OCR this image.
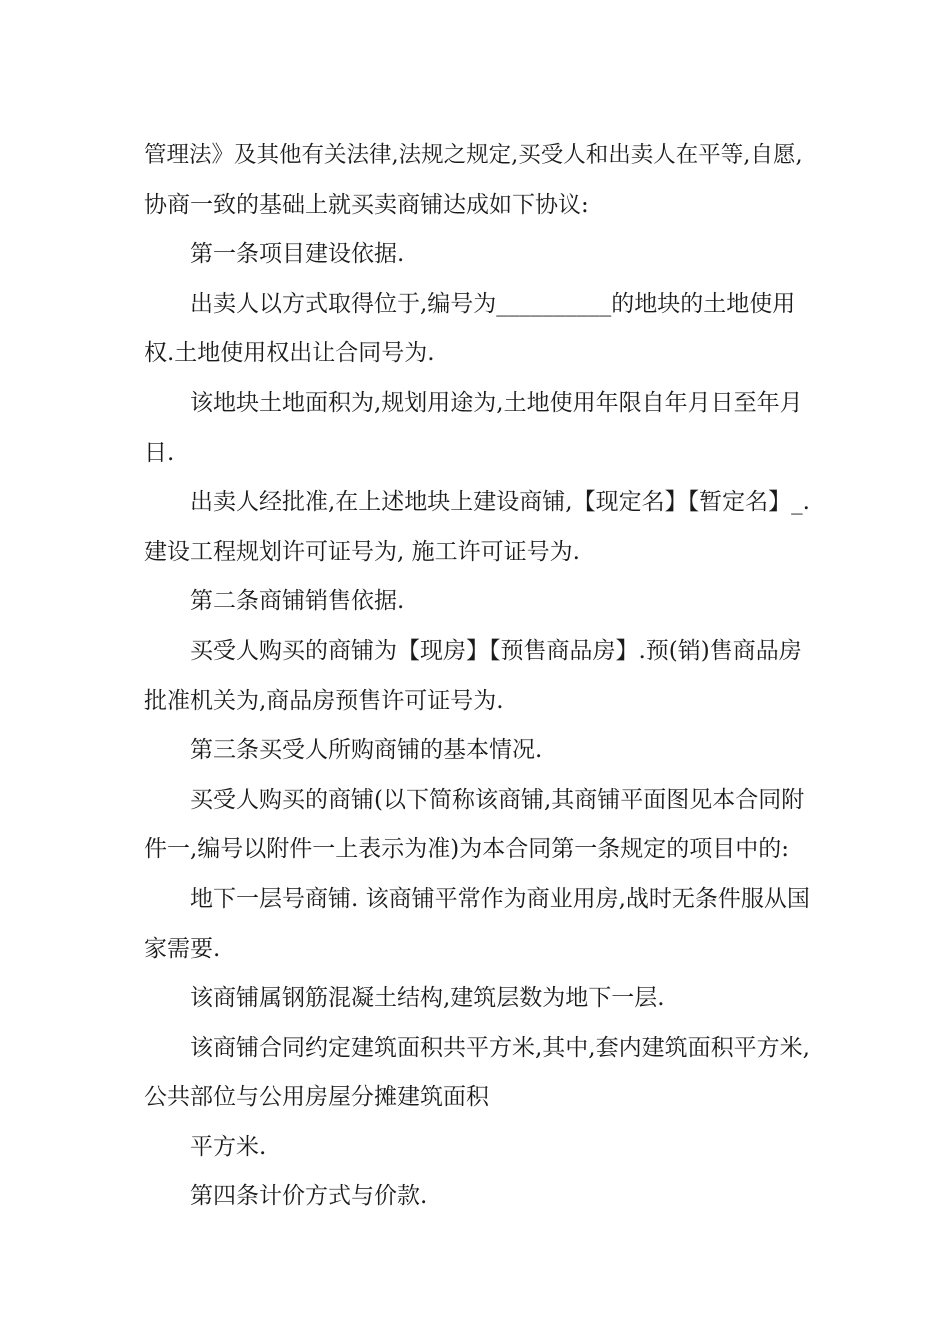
管理法》及其他有关法律,法规之规定,买受人和出卖人在平等,自愿,

协商一致的基础上就买卖商铺达成如下协议:

第一条项目建设依据.

出卖人以方式取得位于,编号为__________的地块的土地使用

权.土地使用权出让合同号为.

该地块土地面积为,规划用途为,土地使用年限自年月日至年月

日.

出卖人经批准,在上述地块上建设商铺,【现定名】【暂定名】_.

建设工程规划许可证号为, 施工许可证号为.

第二条商铺销售依据.

买受人购买的商铺为【现房】【预售商品房】.预(销)售商品房

批准机关为,商品房预售许可证号为.

第三条买受人所购商铺的基本情况.

买受人购买的商铺(以下简称该商铺,其商铺平面图见本合同附

件一,编号以附件一上表示为准)为本合同第一条规定的项目中的:

地下一层号商铺. 该商铺平常作为商业用房,战时无条件服从国

家需要.

该商铺属钢筋混凝土结构,建筑层数为地下一层.

该商铺合同约定建筑面积共平方米,其中,套内建筑面积平方米,

公共部位与公用房屋分摊建筑面积

平方米.

第四条计价方式与价款.
